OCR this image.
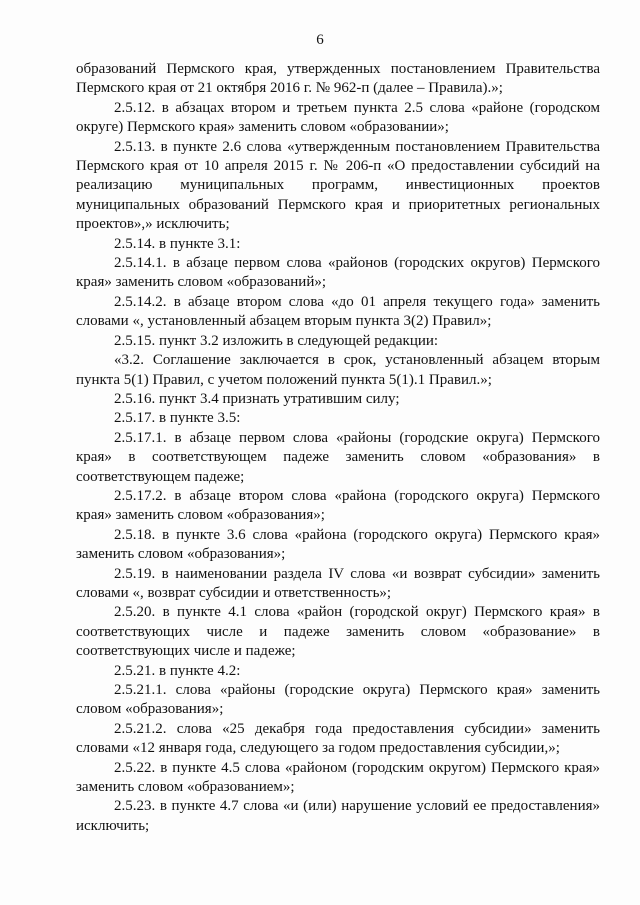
6

образований Пермского края, утвержденных постановлением Правительства Пермского края от 21 октября 2016 г. № 962-п (далее – Правила).»;

2.5.12. в абзацах втором и третьем пункта 2.5 слова «районе (городском округе) Пермского края» заменить словом «образовании»;

2.5.13. в пункте 2.6 слова «утвержденным постановлением Правительства Пермского края от 10 апреля 2015 г. № 206-п «О предоставлении субсидий на реализацию муниципальных программ, инвестиционных проектов муниципальных образований Пермского края и приоритетных региональных проектов»,» исключить;

2.5.14. в пункте 3.1:

2.5.14.1. в абзаце первом слова «районов (городских округов) Пермского края» заменить словом «образований»;

2.5.14.2. в абзаце втором слова «до 01 апреля текущего года» заменить словами «, установленный абзацем вторым пункта 3(2) Правил»;

2.5.15. пункт 3.2 изложить в следующей редакции:

«3.2. Соглашение заключается в срок, установленный абзацем вторым пункта 5(1) Правил, с учетом положений пункта 5(1).1 Правил.»;

2.5.16. пункт 3.4 признать утратившим силу;

2.5.17. в пункте 3.5:

2.5.17.1. в абзаце первом слова «районы (городские округа) Пермского края» в соответствующем падеже заменить словом «образования» в соответствующем падеже;

2.5.17.2. в абзаце втором слова «района (городского округа) Пермского края» заменить словом «образования»;

2.5.18. в пункте 3.6 слова «района (городского округа) Пермского края» заменить словом «образования»;

2.5.19. в наименовании раздела IV слова «и возврат субсидии» заменить словами «, возврат субсидии и ответственность»;

2.5.20. в пункте 4.1 слова «район (городской округ) Пермского края» в соответствующих числе и падеже заменить словом «образование» в соответствующих числе и падеже;

2.5.21. в пункте 4.2:

2.5.21.1. слова «районы (городские округа) Пермского края» заменить словом «образования»;

2.5.21.2. слова «25 декабря года предоставления субсидии» заменить словами «12 января года, следующего за годом предоставления субсидии,»;

2.5.22. в пункте 4.5 слова «районом (городским округом) Пермского края» заменить словом «образованием»;

2.5.23. в пункте 4.7 слова «и (или) нарушение условий ее предоставления» исключить;
